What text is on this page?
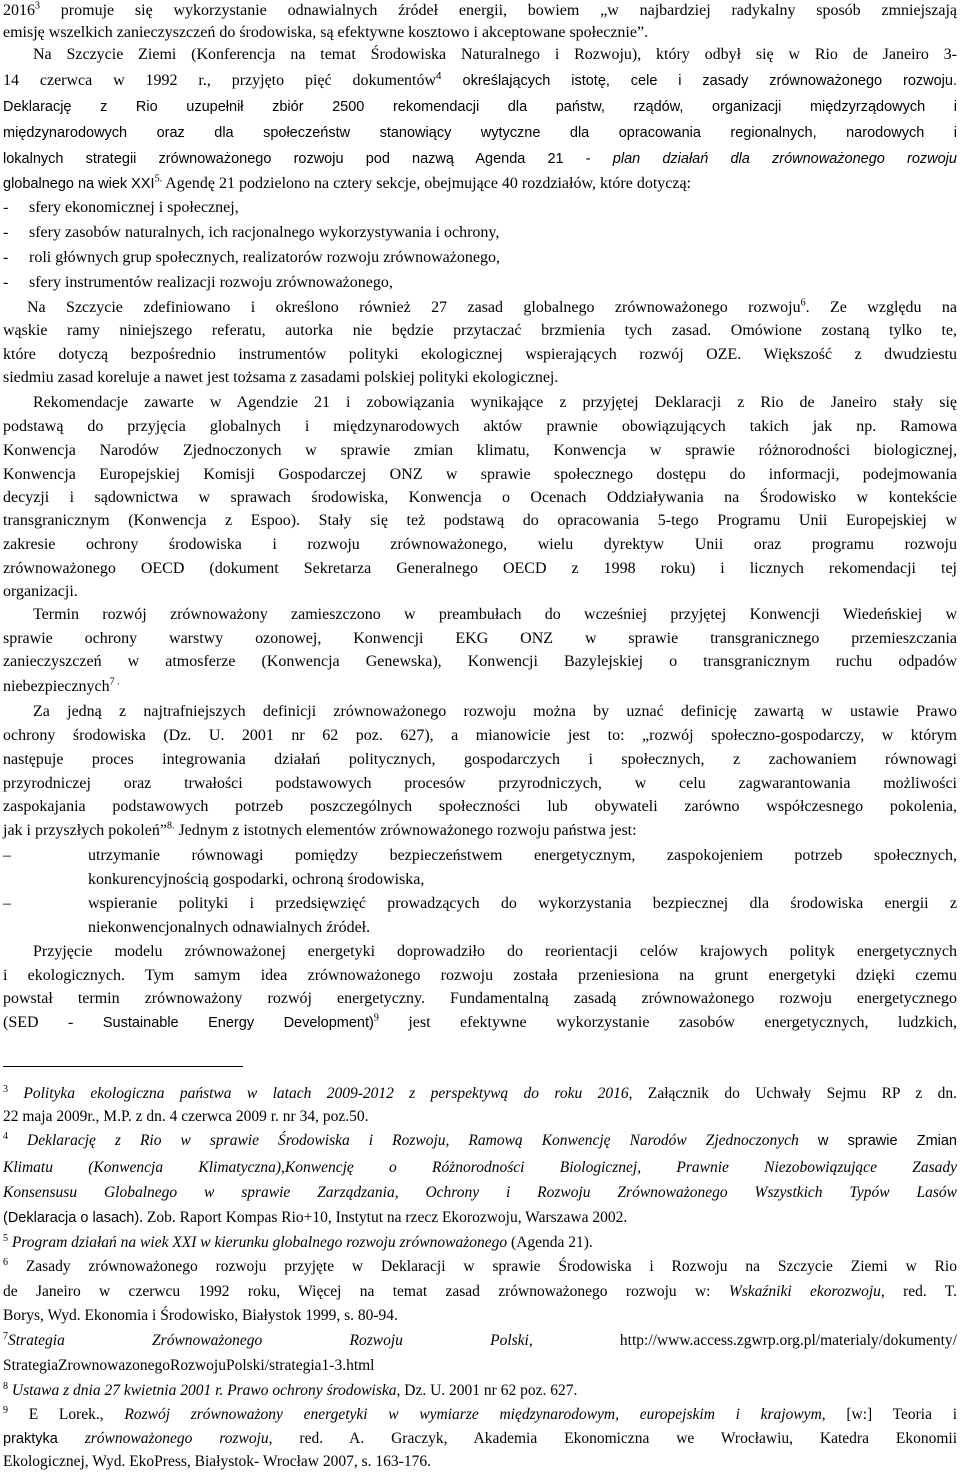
2016$^3$ promuje się wykorzystanie odnawialnych źródeł energii, bowiem „w najbardziej radykalny sposób zmniejszają
emisję wszelkich zanieczyszczeń do środowiska, są efektywne kosztowo i akceptowane społecznie”.
Na Szczycie Ziemi (Konferencja na temat Środowiska Naturalnego i Rozwoju), który odbył się w Rio de Janeiro 3-
14 czerwca w 1992 r., przyjęto pięć dokumentów$^4$ określających istotę, cele i zasady zrównoważonego rozwoju.
Deklarację z Rio uzupełnił zbiór 2500 rekomendacji dla państw, rządów, organizacji międzyrządowych i
międzynarodowych oraz dla społeczeństw stanowiący wytyczne dla opracowania regionalnych, narodowych i
lokalnych strategii zrównoważonego rozwoju pod nazwą Agenda 21 - plan działań dla zrównoważonego rozwoju
globalnego na wiek $XXI^{5.}$ Agendę 21 podzielono na cztery sekcje, obejmujące 40 rozdziałów, które dotyczą:
- sfery ekonomicznej i społecznej,
- sfery zasobów naturalnych, ich racjonalnego wykorzystywania i ochrony,
- roli głównych grup społecznych, realizatorów rozwoju zrównoważonego,
- sfery instrumentów realizacji rozwoju zrównoważonego,
Na Szczycie zdefiniowano i określono również 27 zasad globalnego zrównoważonego rozwoju$^6$. Ze względu na
wąskie ramy niniejszego referatu, autorka nie będzie przytaczać brzmienia tych zasad. Omówione zostaną tylko te,
które dotyczą bezpośrednio instrumentów polityki ekologicznej wspierających rozwój OZE. Większość z dwudziestu
siedmiu zasad koreluje a nawet jest tożsama z zasadami polskiej polityki ekologicznej.
Rekomendacje zawarte w Agendzie 21 i zobowiązania wynikające z przyjętej Deklaracji z Rio de Janeiro stały się
podstawą do przyjęcia globalnych i międzynarodowych aktów prawnie obowiązujących takich jak np. Ramowa
Konwencja Narodów Zjednoczonych w sprawie zmian klimatu, Konwencja w sprawie różnorodności biologicznej,
Konwencja Europejskiej Komisji Gospodarczej ONZ w sprawie społecznego dostępu do informacji, podejmowania
decyzji i sądownictwa w sprawach środowiska, Konwencja o Ocenach Oddziaływania na Środowisko w kontekście
transgranicznym (Konwencja z Espoo). Stały się też podstawą do opracowania 5-tego Programu Unii Europejskiej w
zakresie ochrony środowiska i rozwoju zrównoważonego, wielu dyrektyw Unii oraz programu rozwoju
zrównoważonego OECD (dokument Sekretarza Generalnego OECD z 1998 roku) i licznych rekomendacji tej
organizacji.
Termin rozwój zrównoważony zamieszczono w preambułach do wcześniej przyjętej Konwencji Wiedeńskiej w
sprawie ochrony warstwy ozonowej, Konwencji EKG ONZ w sprawie transgranicznego przemieszczania
zanieczyszczeń w atmosferze (Konwencja Genewska), Konwencji Bazylejskiej o transgranicznym ruchu odpadów
niebezpiecznych$^{7 .}$
Za jedną z najtrafniejszych definicji zrównoważonego rozwoju można by uznać definicję zawartą w ustawie Prawo
ochrony środowiska (Dz. U. 2001 nr 62 poz. 627), a mianowicie jest to: „rozwój społeczno-gospodarczy, w którym
następuje proces integrowania działań politycznych, gospodarczych i społecznych, z zachowaniem równowagi
przyrodniczej oraz trwałości podstawowych procesów przyrodniczych, w celu zagwarantowania możliwości
zaspokajania podstawowych potrzeb poszczególnych społeczności lub obywateli zarówno współczesnego pokolenia,
jak i przyszłych pokoleń”$^{8.}$ Jednym z istotnych elementów zrównoważonego rozwoju państwa jest:
–	utrzymanie równowagi pomiędzy bezpieczeństwem energetycznym, zaspokojeniem potrzeb społecznych,
konkurencyjnością gospodarki, ochroną środowiska,
–	wspieranie polityki i przedsięwzięć prowadzących do wykorzystania bezpiecznej dla środowiska energii z
niekonwencjonalnych odnawialnych źródeł.
Przyjęcie modelu zrównoważonej energetyki doprowadziło do reorientacji celów krajowych polityk energetycznych
i ekologicznych. Tym samym idea zrównoważonego rozwoju została przeniesiona na grunt energetyki dzięki czemu
powstał termin zrównoważony rozwój energetyczny. Fundamentalną zasadą zrównoważonego rozwoju energetycznego
(SED - Sustainable Energy Development)$^9$ jest efektywne wykorzystanie zasobów energetycznych, ludzkich,
$^3$ Polityka ekologiczna państwa w latach 2009-2012 z perspektywą do roku 2016, Załącznik do Uchwały Sejmu RP z dn.
22 maja 2009r., M.P. z dn. 4 czerwca 2009 r. nr 34, poz.50.
$^4$ Deklarację z Rio w sprawie Środowiska i Rozwoju, Ramową Konwencję Narodów Zjednoczonych w sprawie Zmian
Klimatu (Konwencja Klimatyczna),Konwencję o Różnorodności Biologicznej, Prawnie Niezobowiązujące Zasady
Konsensusu Globalnego w sprawie Zarządzania, Ochrony i Rozwoju Zrównoważonego Wszystkich Typów Lasów
(Deklaracja o lasach). Zob. Raport Kompas Rio+10, Instytut na rzecz Ekorozwoju, Warszawa 2002.
$^5$ Program działań na wiek XXI w kierunku globalnego rozwoju zrównoważonego (Agenda 21).
$^6$ Zasady zrównoważonego rozwoju przyjęte w Deklaracji w sprawie Środowiska i Rozwoju na Szczycie Ziemi w Rio
de Janeiro w czerwcu 1992 roku, Więcej na temat zasad zrównoważonego rozwoju w: Wskaźniki ekorozwoju, red. T.
Borys, Wyd. Ekonomia i Środowisko, Białystok 1999, s. 80-94.
$^7$Strategia Zrównoważonego Rozwoju Polski, http://www.access.zgwrp.org.pl/materialy/dokumenty/
StrategiaZrownowazonegoRozwojuPolski/strategia1-3.html
$^8$ Ustawa z dnia 27 kwietnia 2001 r. Prawo ochrony środowiska, Dz. U. 2001 nr 62 poz. 627.
$^9$ E Lorek., Rozwój zrównoważony energetyki w wymiarze międzynarodowym, europejskim i krajowym, [w:] Teoria i
praktyka zrównoważonego rozwoju, red. A. Graczyk, Akademia Ekonomiczna we Wrocławiu, Katedra Ekonomii
Ekologicznej, Wyd. EkoPress, Białystok- Wrocław 2007, s. 163-176.
